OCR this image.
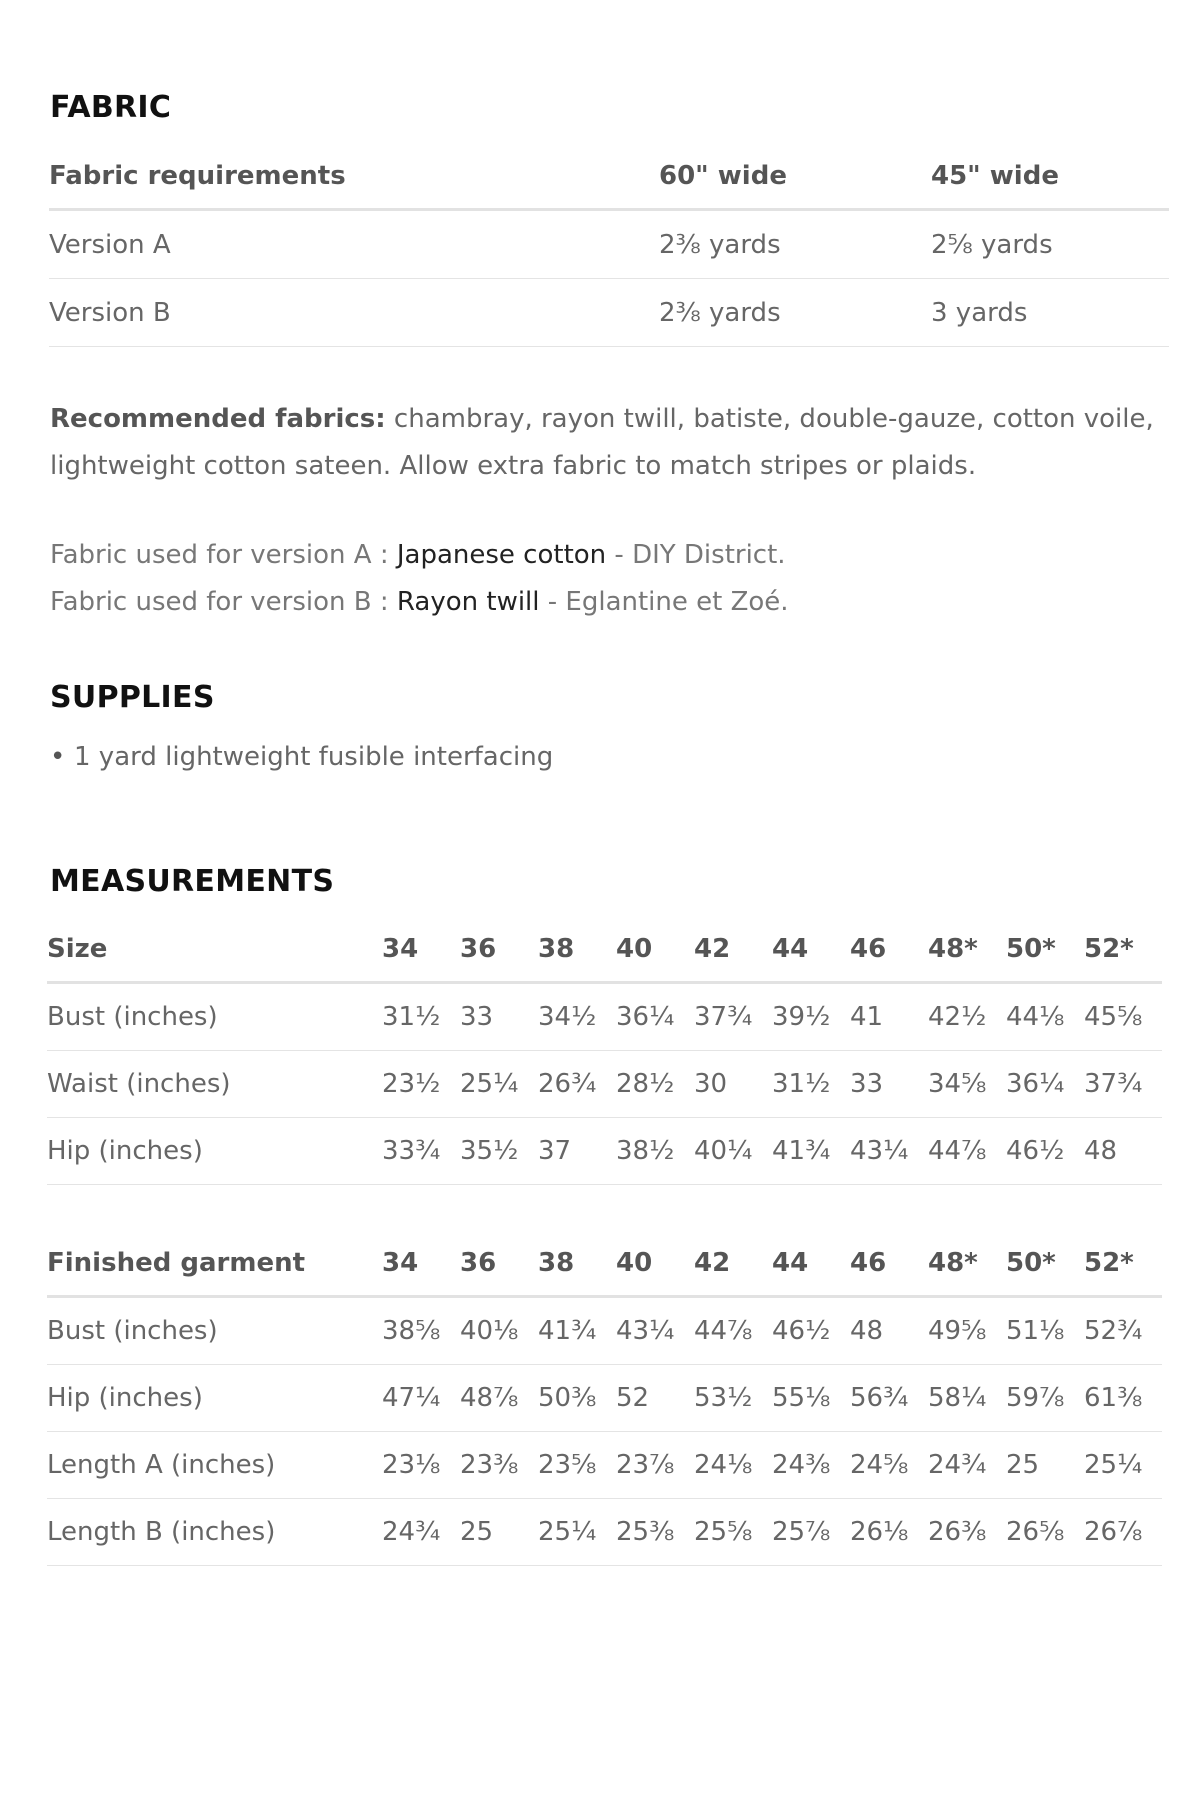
FABRIC
Fabric requirements	60" wide	45" wide
Version A	2⅜ yards	2⅝ yards
Version B	2⅜ yards	3 yards

Recommended fabrics: chambray, rayon twill, batiste, double-gauze, cotton voile, lightweight cotton sateen. Allow extra fabric to match stripes or plaids.

Fabric used for version A : Japanese cotton - DIY District.

Fabric used for version B : Rayon twill - Eglantine et Zoé.

SUPPLIES
• 1 yard lightweight fusible interfacing
MEASUREMENTS
Size	34	36	38	40	42	44	46	48*	50*	52*
Bust (inches)	31½	33	34½	36¼	37¾	39½	41	42½	44⅛	45⅝
Waist (inches)	23½	25¼	26¾	28½	30	31½	33	34⅝	36¼	37¾
Hip (inches)	33¾	35½	37	38½	40¼	41¾	43¼	44⅞	46½	48
Finished garment	34	36	38	40	42	44	46	48*	50*	52*
Bust (inches)	38⅝	40⅛	41¾	43¼	44⅞	46½	48	49⅝	51⅛	52¾
Hip (inches)	47¼	48⅞	50⅜	52	53½	55⅛	56¾	58¼	59⅞	61⅜
Length A (inches)	23⅛	23⅜	23⅝	23⅞	24⅛	24⅜	24⅝	24¾	25	25¼
Length B (inches)	24¾	25	25¼	25⅜	25⅝	25⅞	26⅛	26⅜	26⅝	26⅞
